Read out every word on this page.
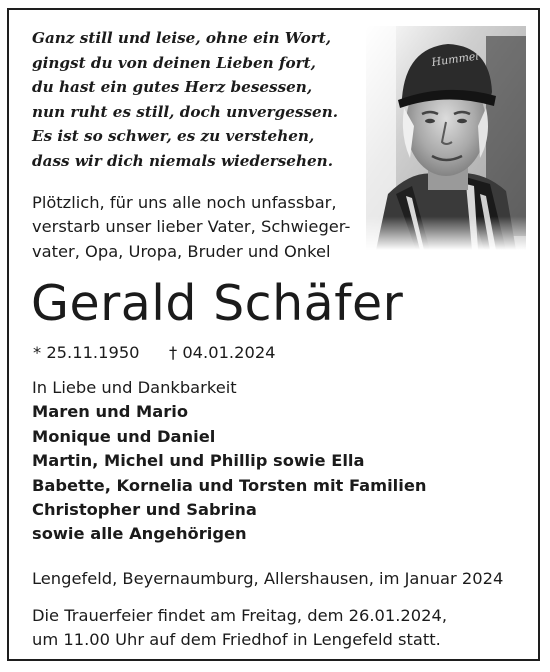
Ganz still und leise, ohne ein Wort,
gingst du von deinen Lieben fort,
du hast ein gutes Herz besessen,
nun ruht es still, doch unvergessen.
Es ist so schwer, es zu verstehen,
dass wir dich niemals wiedersehen.
Plötzlich, für uns alle noch unfassbar,
verstarb unser lieber Vater, Schwieger-
vater, Opa, Uropa, Bruder und Onkel
Gerald Schäfer
* 25.11.1950 † 04.01.2024
In Liebe und Dankbarkeit
Maren und Mario
Monique und Daniel
Martin, Michel und Phillip sowie Ella
Babette, Kornelia und Torsten mit Familien
Christopher und Sabrina
sowie alle Angehörigen
Lengefeld, Beyernaumburg, Allershausen, im Januar 2024
Die Trauerfeier findet am Freitag, dem 26.01.2024,
um 11.00 Uhr auf dem Friedhof in Lengefeld statt.
